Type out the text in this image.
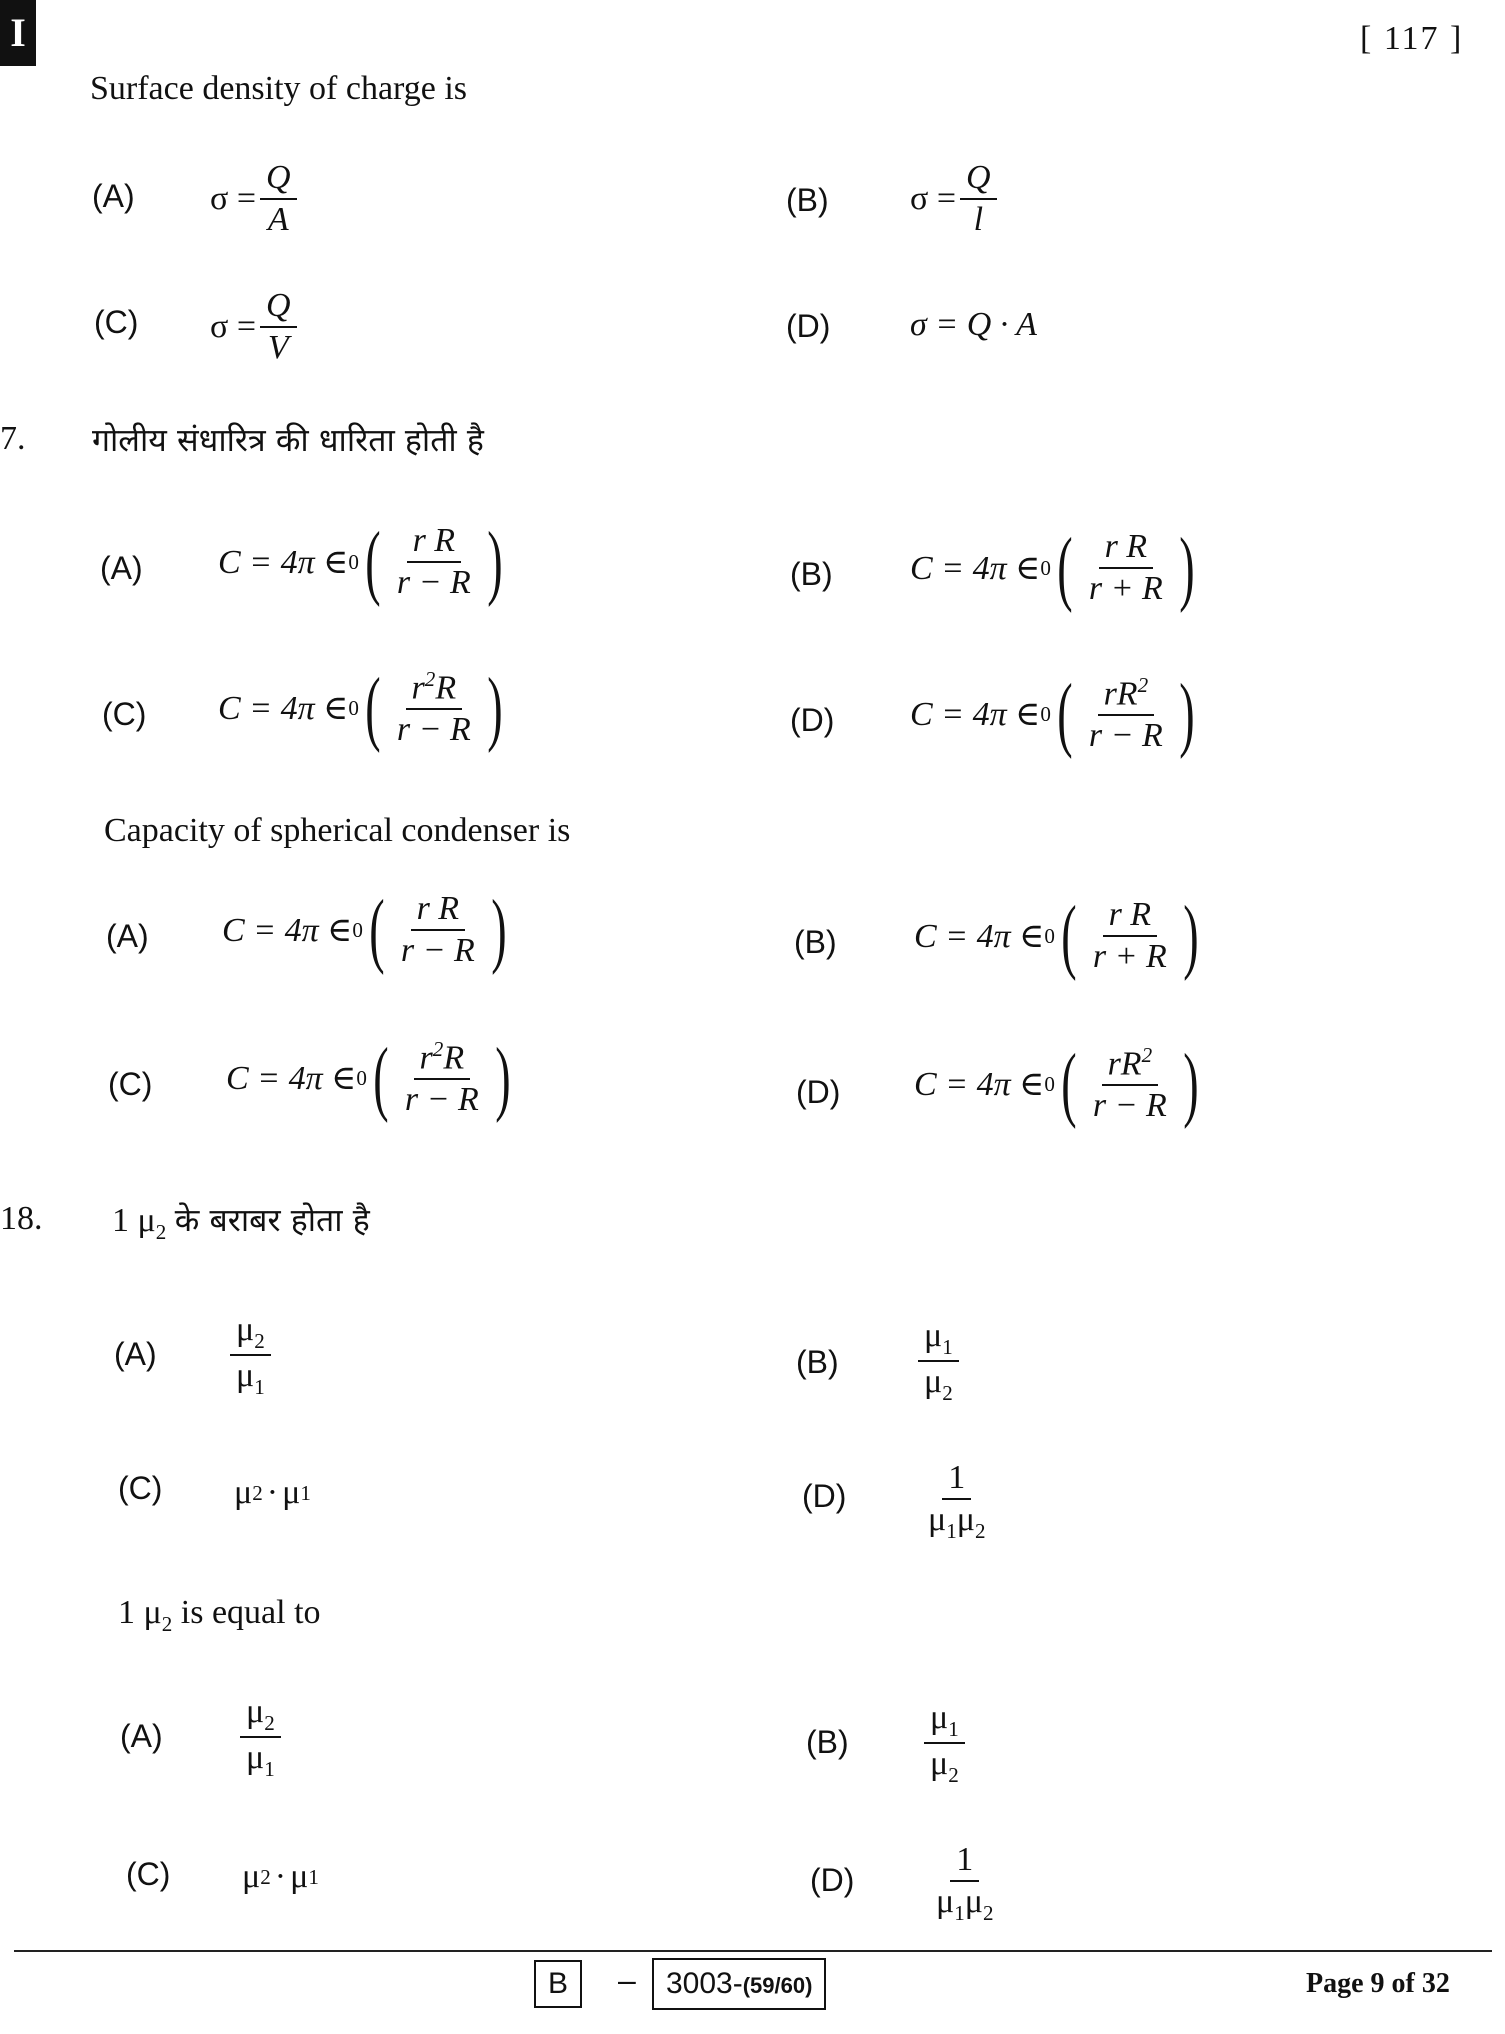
I	[ 117 ]
Surface density of charge is
(A) $\sigma = \frac{Q}{A}$	(B) $\sigma = \frac{Q}{l}$
(C) $\sigma = \frac{Q}{V}$	(D) σ = Q · A
7. गोलीय संधारित्र की धारिता होती है
(A) C = 4π ∈ 0 ( $\frac{\text{r R}}{r - R}$ )	(B) C = 4π ∈ 0 ( $\frac{\text{r R}}{r + R}$ )
(C) C = 4π ∈ 0 ( $\frac{r^2R}{r - R}$ )	(D) C = 4π ∈ 0 ( $\frac{rR^2}{r - R}$ )
Capacity of spherical condenser is
(A) C = 4π ∈ 0 ( $\frac{\text{r R}}{r - R}$ )	(B) C = 4π ∈ 0 ( $\frac{\text{r R}}{r + R}$ )
(C) C = 4π ∈ 0 ( $\frac{r^2R}{r - R}$ )	(D) C = 4π ∈ 0 ( $\frac{rR^2}{r - R}$ )
18. 1 $\mu_2$ के बराबर होता है
$(A) \frac{\mu_2}{\mu_1}$	$(B) \frac{\mu_1}{\mu_2}$
(C) μ 2 · μ 1	$(D) \frac{1}{\mu_1\mu_2}$
1 $\mu_2$ is equal to
$(A) \frac{\mu_2}{\mu_1}$	$(B) \frac{\mu_1}{\mu_2}$
(C) μ 2 · μ 1	$(D) \frac{1}{\mu_1\mu_2}$
B	–	3003-(59/60)	Page 9 of 32
